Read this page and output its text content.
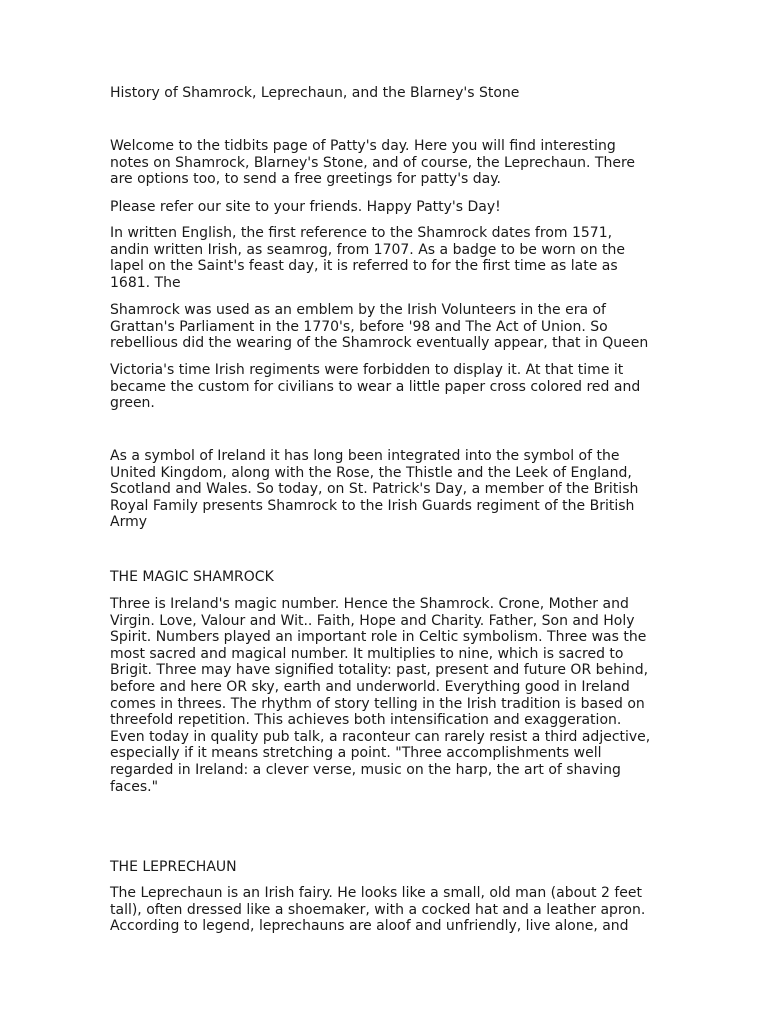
History of Shamrock, Leprechaun, and the Blarney's Stone

Welcome to the tidbits page of Patty's day. Here you will find interesting
notes on Shamrock, Blarney's Stone, and of course, the Leprechaun. There
are options too, to send a free greetings for patty's day.

Please refer our site to your friends. Happy Patty's Day!

In written English, the first reference to the Shamrock dates from 1571,
andin written Irish, as seamrog, from 1707. As a badge to be worn on the
lapel on the Saint's feast day, it is referred to for the first time as late as
1681. The

Shamrock was used as an emblem by the Irish Volunteers in the era of
Grattan's Parliament in the 1770's, before '98 and The Act of Union. So
rebellious did the wearing of the Shamrock eventually appear, that in Queen

Victoria's time Irish regiments were forbidden to display it. At that time it
became the custom for civilians to wear a little paper cross colored red and
green.

As a symbol of Ireland it has long been integrated into the symbol of the
United Kingdom, along with the Rose, the Thistle and the Leek of England,
Scotland and Wales. So today, on St. Patrick's Day, a member of the British
Royal Family presents Shamrock to the Irish Guards regiment of the British
Army

THE MAGIC SHAMROCK

Three is Ireland's magic number. Hence the Shamrock. Crone, Mother and
Virgin. Love, Valour and Wit.. Faith, Hope and Charity. Father, Son and Holy
Spirit. Numbers played an important role in Celtic symbolism. Three was the
most sacred and magical number. It multiplies to nine, which is sacred to
Brigit. Three may have signified totality: past, present and future OR behind,
before and here OR sky, earth and underworld. Everything good in Ireland
comes in threes. The rhythm of story telling in the Irish tradition is based on
threefold repetition. This achieves both intensification and exaggeration.
Even today in quality pub talk, a raconteur can rarely resist a third adjective,
especially if it means stretching a point. "Three accomplishments well
regarded in Ireland: a clever verse, music on the harp, the art of shaving
faces."

THE LEPRECHAUN

The Leprechaun is an Irish fairy. He looks like a small, old man (about 2 feet
tall), often dressed like a shoemaker, with a cocked hat and a leather apron.
According to legend, leprechauns are aloof and unfriendly, live alone, and
